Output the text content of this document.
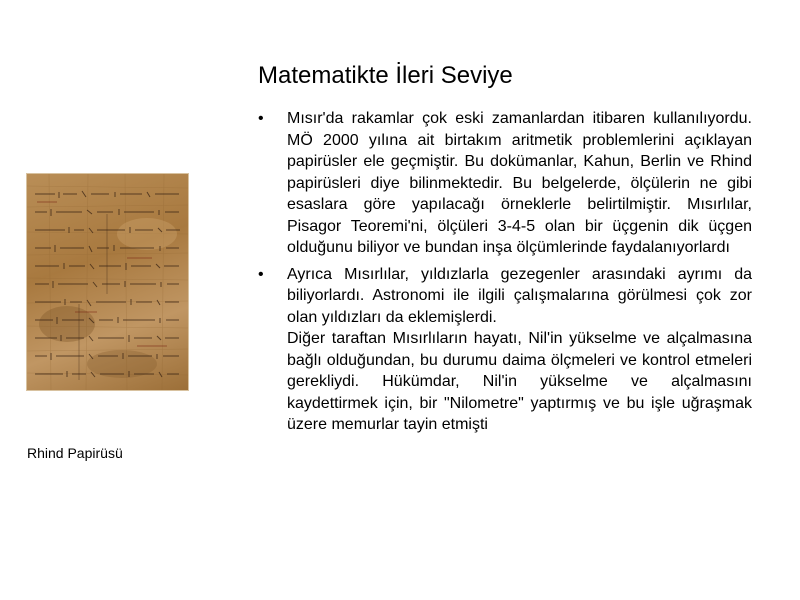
Matematikte İleri Seviye

Rhind Papirüsü

• Mısır'da rakamlar çok eski zamanlardan itibaren kullanılıyordu. MÖ 2000 yılına ait birtakım aritmetik problemlerini açıklayan papirüsler ele geçmiştir. Bu dokümanlar, Kahun, Berlin ve Rhind papirüsleri diye bilinmektedir. Bu belgelerde, ölçülerin ne gibi esaslara göre yapılacağı örneklerle belirtilmiştir. Mısırlılar, Pisagor Teoremi'ni, ölçüleri 3-4-5 olan bir üçgenin dik üçgen olduğunu biliyor ve bundan inşa ölçümlerinde faydalanıyorlardı
• Ayrıca Mısırlılar, yıldızlarla gezegenler arasındaki ayrımı da biliyorlardı. Astronomi ile ilgili çalışmalarına görülmesi çok zor olan yıldızları da eklemişlerdi.
Diğer taraftan Mısırlıların hayatı, Nil'in yükselme ve alçalmasına bağlı olduğundan, bu durumu daima ölçmeleri ve kontrol etmeleri gerekliydi. Hükümdar, Nil'in yükselme ve alçalmasını kaydettirmek için, bir "Nilometre" yaptırmış ve bu işle uğraşmak üzere memurlar tayin etmişti
